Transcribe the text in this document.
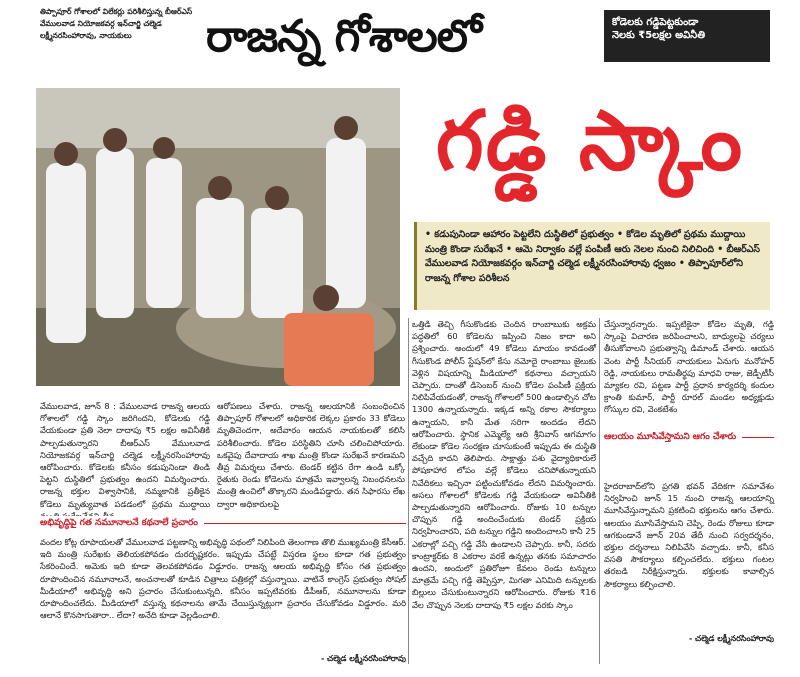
తిప్పాపూర్ గోశాలలో విలేకర్లు పరిశీలిస్తున్న బీఆర్ఎస్ వేములవాడ నియోజకవర్గ ఇన్‌చార్జి చల్మెడ లక్ష్మీనరసింహారావు, నాయకులు	రాజన్న గోశాలలో	కోడెలకు గడ్డిపెట్టకుండా
నెలకు ₹5లక్షల అవినీతి
గడ్డి స్కాం
• కడుపునిండా ఆహారం పెట్టలేని దుస్థితిలో ప్రభుత్వం • కోడెల మృతిలో ప్రథమ ముద్దాయి మంత్రి కొండా సురేఖనే • ఆమె నిర్వాకం వల్లే పంపిణీ ఆరు నెలల నుంచి నిలిచింది • బీఆర్ఎస్ వేములవాడ నియోజకవర్గం ఇన్‌చార్జి చల్మెడ లక్ష్మీనరసింహారావు ధ్వజం • తిప్పాపూర్‌లోని రాజన్న గోశాల పరిశీలన
వేములవాడ, జూన్ 8 : వేములవాడ రాజన్న ఆలయ గోశాలలో గడ్డి స్కాం జరిగిందని, కోడెలకు గడ్డి వేయకుండా ప్రతి నెలా దాదాపు ₹5 లక్షల అవినీతికి పాల్పడుతున్నారని బీఆర్ఎస్ వేములవాడ నియోజకవర్గ ఇన్‌చార్జి చల్మెడ లక్ష్మీనరసింహారావు ఆరోపించారు. కోడెలకు కనీసం కడుపునిండా తిండి పెట్టని దుస్థితిలో ప్రభుత్వం ఉందని విమర్శించారు. రాజన్న భక్తుల విశ్వాసానికి, నమ్మకానికి ప్రతీకైన కోడెలు మృత్యువాత పడడంలో ప్రథమ ముద్దాయి
ఆరోపణలు చేశారు. రాజన్న ఆలయానికి సంబంధించిన తిప్పాపూర్ గోశాలలో అధికారిక లెక్కల ప్రకారం 33 కోడెలు మృతిచెందగా, అదేవారం ఆయన నాయకులతో కలిసి పరిశీలించారు. కోడెల పరిస్థితిని చూసి చలించిపోయారు. ఒకవైపు దేవాదాయ శాఖ మంత్రి కొండా సురేఖనే కారణమని తీవ్ర విమర్శలు చేశారు. టెండర్ కట్టిన రేగా ఉండి ఒక్కో రైతుకు రెండు కోడెలను మాత్రమే ఇవ్వాలన్న నిబంధనలను మంత్రి ఉంచిలో తొక్కారని మండిపడ్డారు. తన సిఫారసు లేఖ ద్వారా అధికారులపై
ఒత్తిడి తెచ్చి గీసుకొండకు చెందిన రాంబాబుకు అక్రమ పద్ధతిలో 60 కోడెలను ఇప్పించి నిజం కాదా అని ప్రశ్నించారు. అందులో 49 కోడెలు మాయం కావడంతో గీసుకొండ పోలీస్ స్టేషన్‌లో కేసు నమోదై రాంబాబు జైలుకు వెళ్లిన విషయాన్ని మీడియాలో కథనాలు వచ్చాయని చెప్పారు. దాంతో డిసెంబర్ నుంచి కోడెల పంపిణీ ప్రక్రియ నిలిపివేయడంతో, రాజన్న గోశాలలో 500 ఉండాల్సిన చోట 1300 ఉన్నాయన్నారు. ఇక్కడ అన్ని రకాల సౌకర్యాలు ఉన్నాయని, కానీ మేత సరిగా అందడం లేదని ఆరోపించారు. స్థానిక ఎమ్మెల్యే ఆది శ్రీనివాస్ ఆగమాగం లేకుండా కోడెల సంరక్షణ చూసుకుంటే ఇప్పుడు ఈ దుస్థితి వచ్చేది కాదని తెలిపారు. సాక్షాత్తు పశు వైద్యాధికారులే పోషకాహార లోపం వల్లే కోడెలు చనిపోతున్నాయని నివేదికలు ఇచ్చినా పట్టించుకోవడం లేదని విమర్శించారు. అసలు గోశాలలో కోడెలకు గడ్డి వేయకుండా అవినీతికి పాల్పడుతున్నారని ఆరోపించారు. రోజుకు 10 టన్నుల చొప్పున గడ్డి అందించేందుకు టెండర్ ప్రక్రియ నిర్వహించారని, పది టన్నుల గడ్డిని అందించాలని కానీ 25 ఎకరాల్లో పచ్చి గడ్డి వేసి ఉండాలని చెప్పారు. కానీ, సదరు కాంట్రాక్టర్‌కు 8 ఎకరాల వరకే ఉన్నట్లు తనకు సమాచారం ఉందని, అందులో ప్రతిరోజూ కేవలం రెండు టన్నులు మాత్రమే పచ్చి గడ్డి తెప్పిస్తూ, మిగతా ఎనిమిది టన్నులకు బిల్లులు చేసుకుంటున్నారని ఆరోపించారు. రోజుకు ₹16 వేల చొప్పున నెలకు దాదాపు ₹5 లక్షల వరకు స్కాం
చేస్తున్నారన్నారు. ఇప్పటికైనా కోడెల మృతి, గడ్డి స్కాంపై విచారణ జరిపించాలని, బాధ్యులపై చర్యలు తీసుకోవాలని ప్రభుత్వాన్ని డిమాండ్ చేశారు. ఆయన వెంట పార్టీ సీనియర్ నాయకులు ఏనుగు మనోహర్ రెడ్డి, నాయకులు రామతీర్థపు మాధవి రాజు, జెడ్పీటీసీ మ్యాకల రవి, పట్టణ పార్టీ ప్రధాన కార్యదర్శి కందుల క్రాంతి కుమార్, పార్టీ రూరల్ మండల అధ్యక్షుడు గోస్కుల రవి, వెంకటేశం
అభివృద్ధిపై గత నమూనాలనే కథనాలే ప్రచారం
వందల కోట్ల రూపాయలతో వేములవాడ పట్టణాన్ని అభివృద్ధి పథంలో నిలిపింది తెలంగాణ తొలి ముఖ్యమంత్రి కేసీఆర్. ఇది మంత్రి సురేఖకు తెలియకపోవడం దురదృష్టకరం. ఇప్పుడు చేపట్టే విస్తరణ స్థలం కూడా గత ప్రభుత్వం సేకరించిందే. అమెకు ఇది కూడా తెలవకపోవడం విడ్డూరం. రాజన్న ఆలయ అభివృద్ధి కోసం గత ప్రభుత్వం రూపొందించిన నమూనాలనే, అంచనాలతో కూడిన చిత్రాలు పత్రికల్లో వస్తున్నాయి. వాటినే కాంగ్రెస్ ప్రభుత్వం సోషల్ మీడియాలో అభివృద్ధి అని ప్రచారం చేసుకుంటున్నది. కనీసం ఇప్పటివరకు డీపీఆర్, నమూనాలను కూడా రూపొందించలేదు. మీడియాలో వస్తున్న కథనాలను తామే చేయిస్తున్నట్లుగా ప్రచారం చేసుకోవడం విడ్డూరం. మరి ఆలానే కొనసాగుతారా.. లేదా? అనేది కూడా వెల్లడించాలి.
- చల్మెడ లక్ష్మీనరసింహారావు
ఆలయం మూసివేస్తామని ఆగం చేశారు
హైదరాబాద్‌లోని ప్రగతి భవన్ వేదికగా సమావేశం నిర్వహించి జూన్ 15 నుంచి రాజన్న ఆలయాన్ని మూసివేస్తున్నామని ప్రకటించి భక్తులను ఆగం చేశారు. ఆలయం మూసివేస్తామని చెప్పి, రెండు రోజులు కూడా ఆగకుండానే జూన్ 20వ తేదీ నుంచి సర్వదర్శనం, భక్తుల దర్శనాలు నిలిపివేసి వచ్చాడు. కానీ, కనీస వసతి సౌకర్యాలు కల్పించలేదు. భక్తులు గంటల తరబడి నిరీక్షిస్తున్నారు. భక్తులకు కావాల్సిన సౌకర్యాలు కల్పించాలి.
- చల్మెడ లక్ష్మీనరసింహారావు
